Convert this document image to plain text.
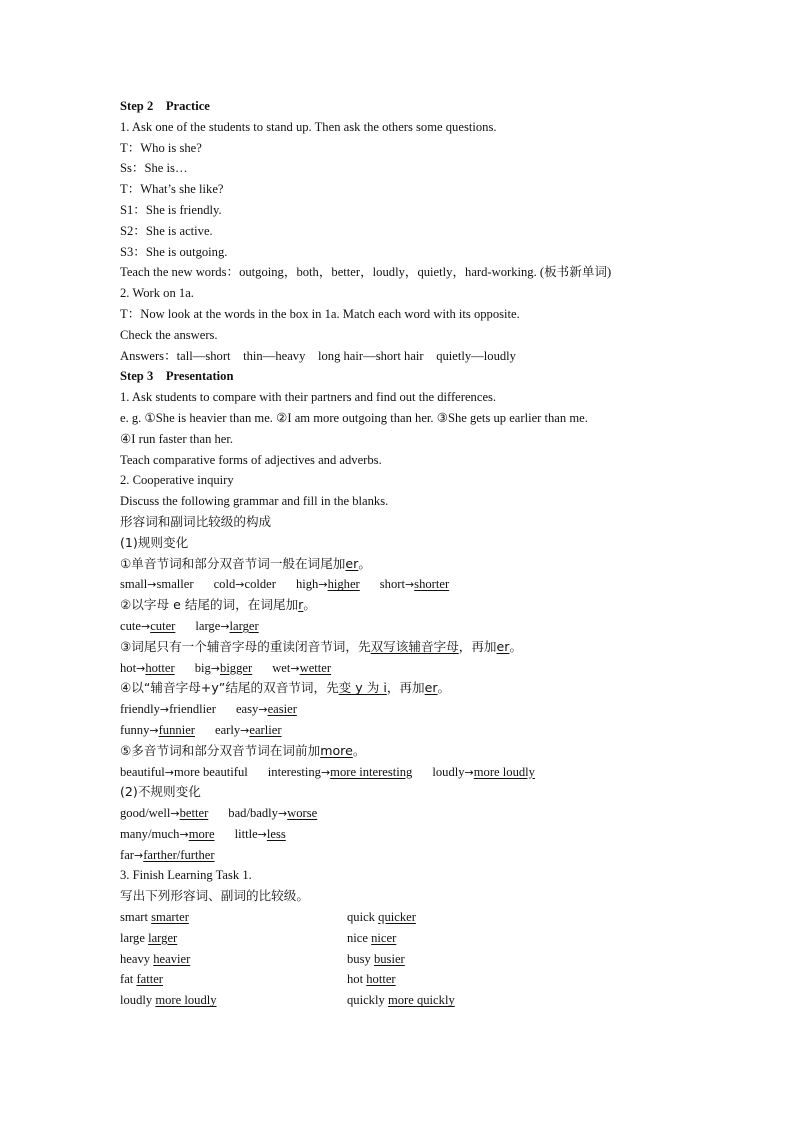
Step 2　Practice
1. Ask one of the students to stand up. Then ask the others some questions.
T：Who is she?
Ss：She is…
T：What’s she like?
S1：She is friendly.
S2：She is active.
S3：She is outgoing.
Teach the new words：outgoing，both，better，loudly，quietly，hard-working. (板书新单词)
2. Work on 1a.
T：Now look at the words in the box in 1a. Match each word with its opposite.
Check the answers.
Answers：tall—short　thin—heavy　long hair—short hair　quietly—loudly
Step 3　Presentation
1. Ask students to compare with their partners and find out the differences.
e. g. ①She is heavier than me. ②I am more outgoing than her. ③She gets up earlier than me.
④I run faster than her.
Teach comparative forms of adjectives and adverbs.
2. Cooperative inquiry
Discuss the following grammar and fill in the blanks.
形容词和副词比较级的构成
(1)规则变化
①单音节词和部分双音节词一般在词尾加er。
small→smaller cold→colder high→higher short→shorter
②以字母 e 结尾的词，在词尾加r。
cute→cuter large→larger
③词尾只有一个辅音字母的重读闭音节词，先双写该辅音字母，再加er。
hot→hotter big→bigger wet→wetter
④以“辅音字母+y”结尾的双音节词，先变 y 为 i，再加er。
friendly→friendlier easy→easier
funny→funnier early→earlier
⑤多音节词和部分双音节词在词前加more。
beautiful→more beautiful interesting→more interesting loudly→more loudly
(2)不规则变化
good/well→better bad/badly→worse
many/much→more little→less
far→farther/further
3. Finish Learning Task 1.
写出下列形容词、副词的比较级。
smart smarter	quick quicker
large larger	nice nicer
heavy heavier	busy busier
fat fatter	hot hotter
loudly more loudly	quickly more quickly
